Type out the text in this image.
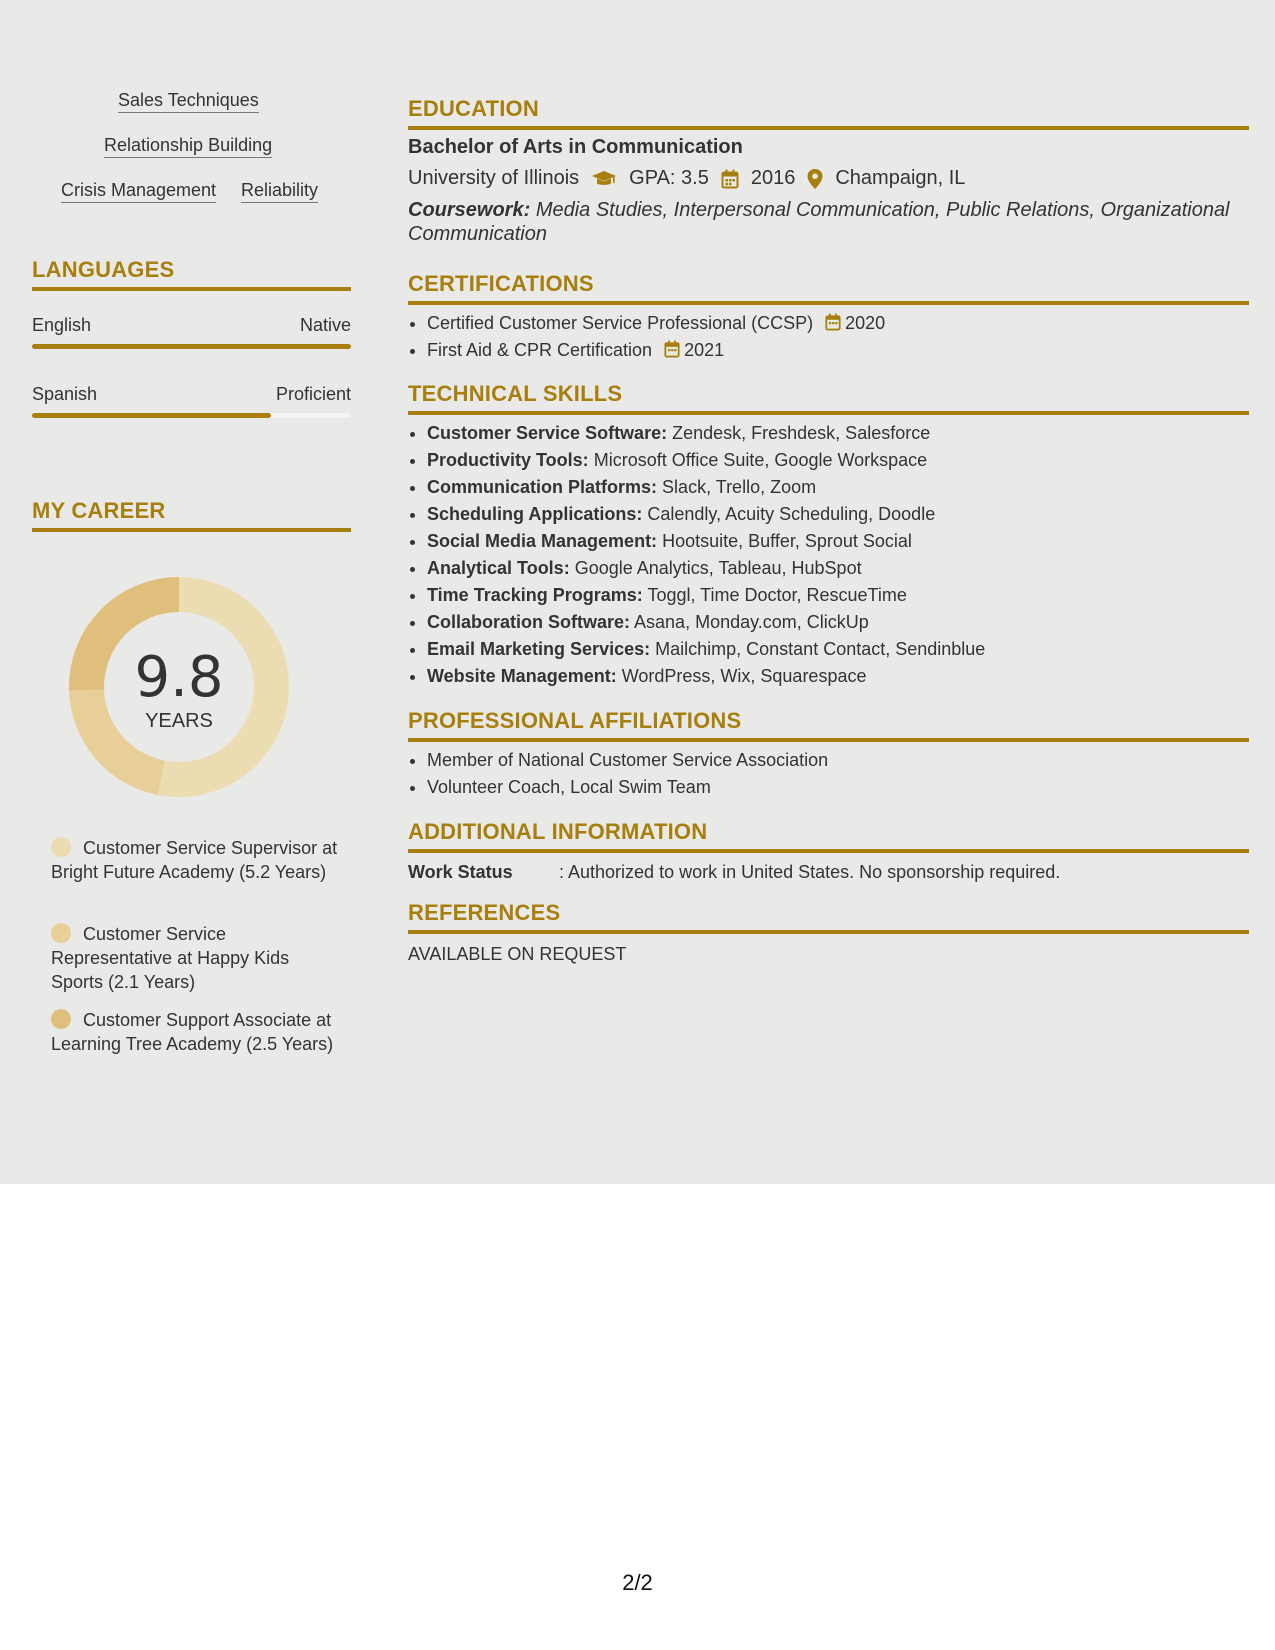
Sales Techniques
Relationship Building
Crisis Management Reliability
LANGUAGES
English	Native
Spanish	Proficient
MY CAREER
9.8
YEARS
Customer Service Supervisor at Bright Future Academy (5.2 Years)
Customer Service Representative at Happy Kids Sports (2.1 Years)
Customer Support Associate at Learning Tree Academy (2.5 Years)
EDUCATION
Bachelor of Arts in Communication
University of Illinois	GPA: 3.5 2016 Champaign, IL
Coursework: Media Studies, Interpersonal Communication, Public Relations, Organizational Communication
CERTIFICATIONS
• Certified Customer Service Professional (CCSP) 2020
• First Aid & CPR Certification 2021
TECHNICAL SKILLS
• Customer Service Software: Zendesk, Freshdesk, Salesforce
• Productivity Tools: Microsoft Office Suite, Google Workspace
• Communication Platforms: Slack, Trello, Zoom
• Scheduling Applications: Calendly, Acuity Scheduling, Doodle
• Social Media Management: Hootsuite, Buffer, Sprout Social
• Analytical Tools: Google Analytics, Tableau, HubSpot
• Time Tracking Programs: Toggl, Time Doctor, RescueTime
• Collaboration Software: Asana, Monday.com, ClickUp
• Email Marketing Services: Mailchimp, Constant Contact, Sendinblue
• Website Management: WordPress, Wix, Squarespace
PROFESSIONAL AFFILIATIONS
• Member of National Customer Service Association
• Volunteer Coach, Local Swim Team
ADDITIONAL INFORMATION
Work Status	: Authorized to work in United States. No sponsorship required.
REFERENCES
AVAILABLE ON REQUEST
2/2
